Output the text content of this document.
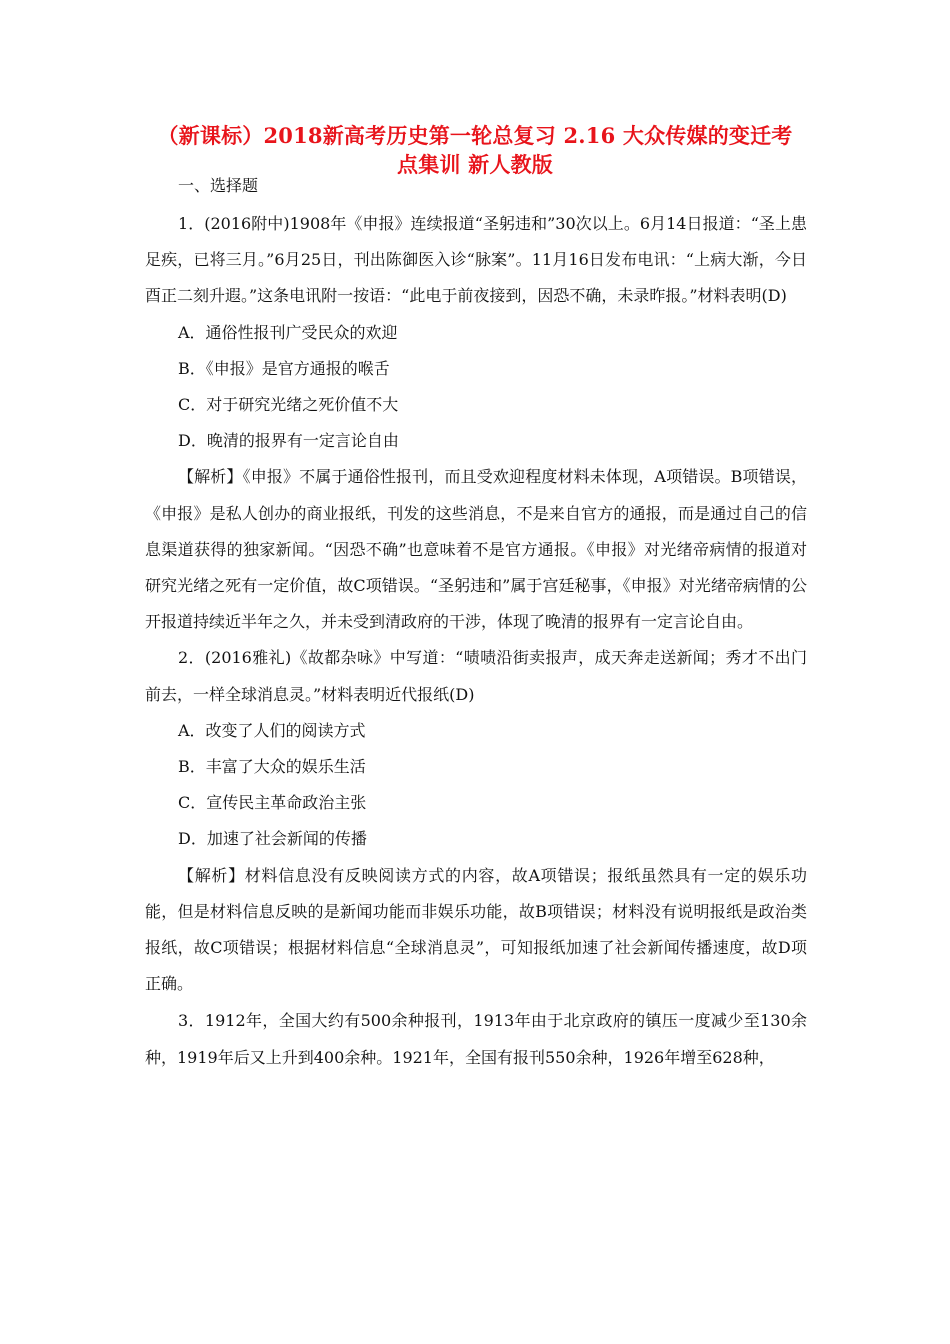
（新课标）2018新高考历史第一轮总复习 2.16 大众传媒的变迁考
点集训 新人教版
一、选择题

1．(2016附中)1908年《申报》连续报道“圣躬违和”30次以上。6月14日报道：“圣上患足疾，已将三月。”6月25日，刊出陈御医入诊“脉案”。11月16日发布电讯：“上病大渐，今日酉正二刻升遐。”这条电讯附一按语：“此电于前夜接到，因恐不确，未录昨报。”材料表明(D)

A．通俗性报刊广受民众的欢迎

B．《申报》是官方通报的喉舌

C．对于研究光绪之死价值不大

D．晚清的报界有一定言论自由

【解析】《申报》不属于通俗性报刊，而且受欢迎程度材料未体现，A项错误。B项错误，《申报》是私人创办的商业报纸，刊发的这些消息，不是来自官方的通报，而是通过自己的信息渠道获得的独家新闻。“因恐不确”也意味着不是官方通报。《申报》对光绪帝病情的报道对研究光绪之死有一定价值，故C项错误。“圣躬违和”属于宫廷秘事，《申报》对光绪帝病情的公开报道持续近半年之久，并未受到清政府的干涉，体现了晚清的报界有一定言论自由。

2．(2016雅礼)《故都杂咏》中写道：“啧啧沿街卖报声，成天奔走送新闻；秀才不出门前去，一样全球消息灵。”材料表明近代报纸(D)

A．改变了人们的阅读方式

B．丰富了大众的娱乐生活

C．宣传民主革命政治主张

D．加速了社会新闻的传播

【解析】材料信息没有反映阅读方式的内容，故A项错误；报纸虽然具有一定的娱乐功能，但是材料信息反映的是新闻功能而非娱乐功能，故B项错误；材料没有说明报纸是政治类报纸，故C项错误；根据材料信息“全球消息灵”，可知报纸加速了社会新闻传播速度，故D项正确。

3．1912年，全国大约有500余种报刊，1913年由于北京政府的镇压一度减少至130余种，1919年后又上升到400余种。1921年，全国有报刊550余种，1926年增至628种，
